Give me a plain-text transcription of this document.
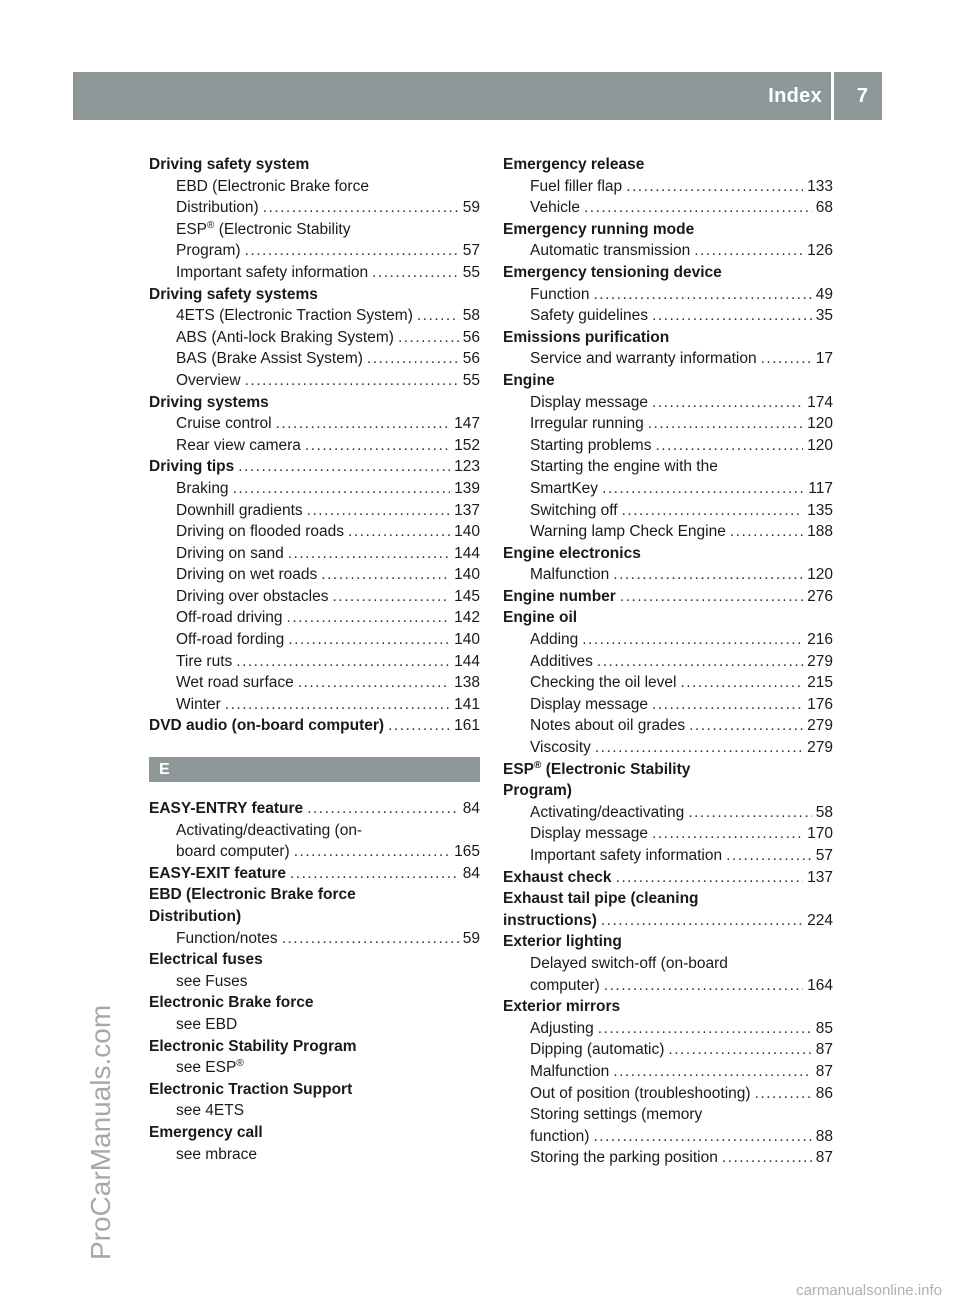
Index 7
Driving safety system
EBD (Electronic Brake force
Distribution) .....	59
ESP® (Electronic Stability
Program) .....	57
Important safety information .....	55
Driving safety systems
4ETS (Electronic Traction System) .....	58
ABS (Anti-lock Braking System) .....	56
BAS (Brake Assist System) .....	56
Overview .....	55
Driving systems
Cruise control .....	147
Rear view camera .....	152
Driving tips .....	123
Braking .....	139
Downhill gradients .....	137
Driving on flooded roads .....	140
Driving on sand .....	144
Driving on wet roads .....	140
Driving over obstacles .....	145
Off-road driving .....	142
Off-road fording .....	140
Tire ruts .....	144
Wet road surface .....	138
Winter .....	141
DVD audio (on-board computer) .....	161
E
EASY-ENTRY feature .....	84
Activating/deactivating (on-
board computer) .....	165
EASY-EXIT feature .....	84
EBD (Electronic Brake force
Distribution)
Function/notes .....	59
Electrical fuses
see Fuses
Electronic Brake force
see EBD
Electronic Stability Program
see ESP®
Electronic Traction Support
see 4ETS
Emergency call
see mbrace
Emergency release
Fuel filler flap .....	133
Vehicle .....	68
Emergency running mode
Automatic transmission .....	126
Emergency tensioning device
Function .....	49
Safety guidelines .....	35
Emissions purification
Service and warranty information .....	17
Engine
Display message .....	174
Irregular running .....	120
Starting problems .....	120
Starting the engine with the
SmartKey .....	117
Switching off .....	135
Warning lamp Check Engine .....	188
Engine electronics
Malfunction .....	120
Engine number .....	276
Engine oil
Adding .....	216
Additives .....	279
Checking the oil level .....	215
Display message .....	176
Notes about oil grades .....	279
Viscosity .....	279
ESP® (Electronic Stability
Program)
Activating/deactivating .....	58
Display message .....	170
Important safety information .....	57
Exhaust check .....	137
Exhaust tail pipe (cleaning
instructions) .....	224
Exterior lighting
Delayed switch-off (on-board
computer) .....	164
Exterior mirrors
Adjusting .....	85
Dipping (automatic) .....	87
Malfunction .....	87
Out of position (troubleshooting) .....	86
Storing settings (memory
function) .....	88
Storing the parking position .....	87
ProCarManuals.com
carmanualsonline.info
